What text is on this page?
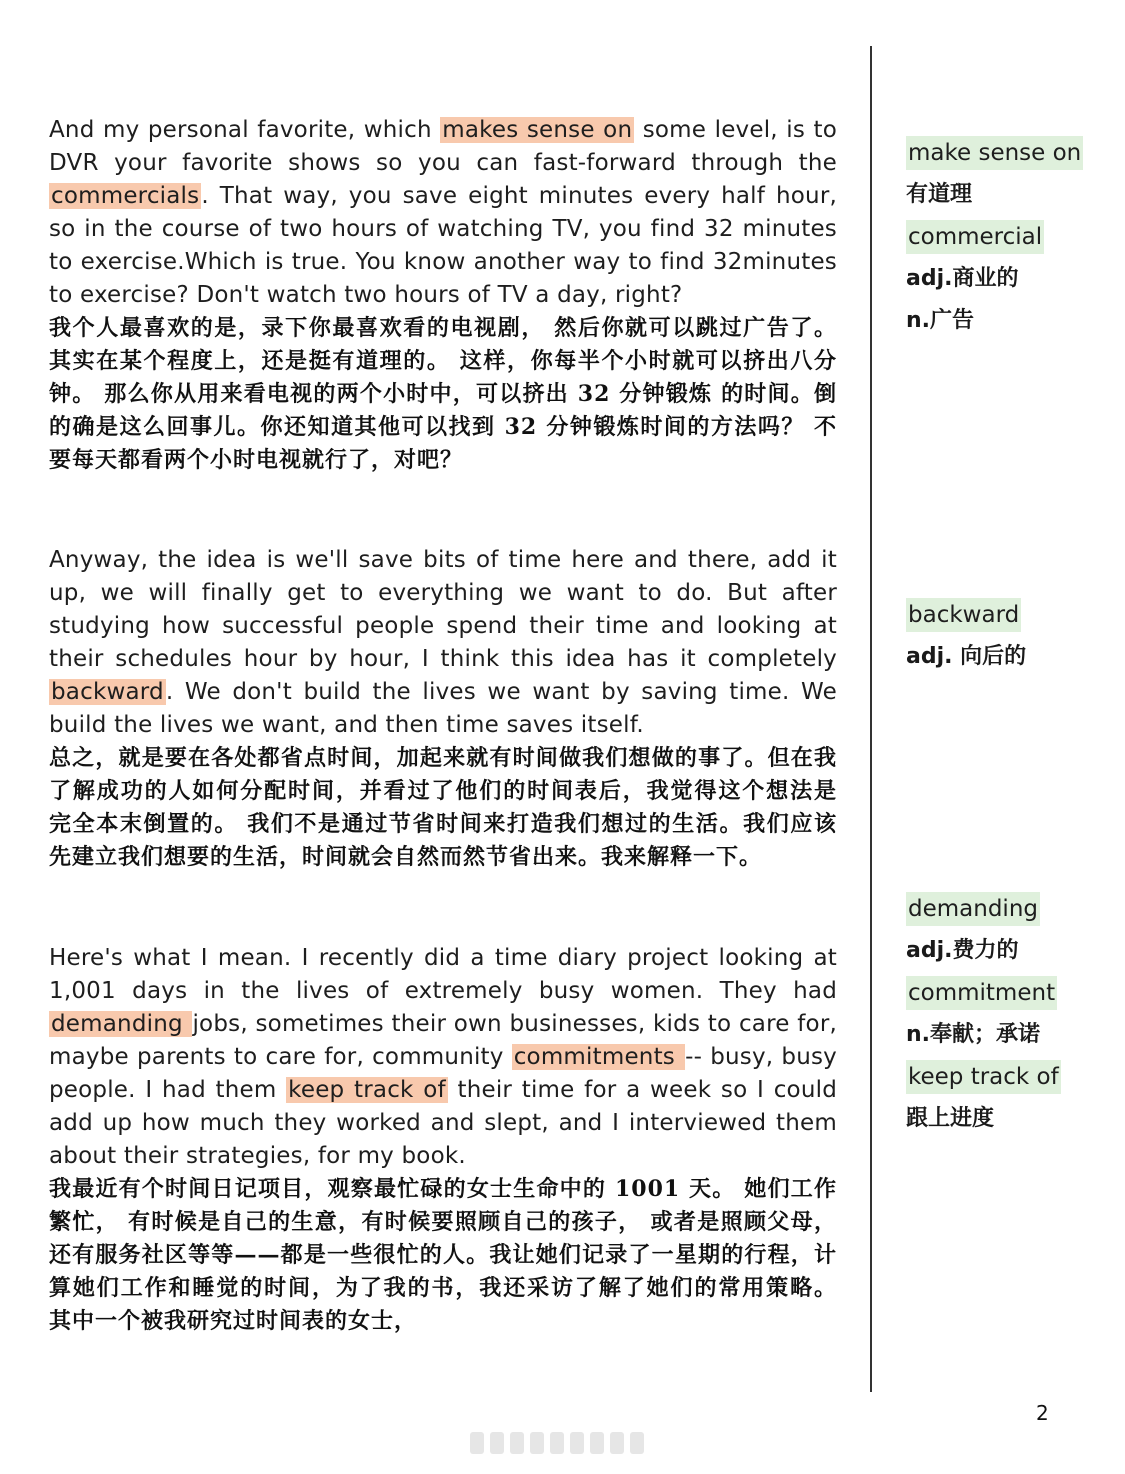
And my personal favorite, which makes sense on some level, is to DVR your favorite shows so you can fast-forward through the commercials. That way, you save eight minutes every half hour, so in the course of two hours of watching TV, you find 32 minutes to exercise.Which is true. You know another way to find 32minutes to exercise? Don't watch two hours of TV a day, right?

我个人最喜欢的是，录下你最喜欢看的电视剧， 然后你就可以跳过广告了。 其实在某个程度上，还是挺有道理的。 这样，你每半个小时就可以挤出八分钟。 那么你从用来看电视的两个小时中，可以挤出 32 分钟锻炼 的时间。倒的确是这么回事儿。你还知道其他可以找到 32 分钟锻炼时间的方法吗？ 不要每天都看两个小时电视就行了，对吧？

Anyway, the idea is we'll save bits of time here and there, add it up, we will finally get to everything we want to do. But after studying how successful people spend their time and looking at their schedules hour by hour, I think this idea has it completely backward. We don't build the lives we want by saving time. We build the lives we want, and then time saves itself.

总之，就是要在各处都省点时间，加起来就有时间做我们想做的事了。但在我了解成功的人如何分配时间，并看过了他们的时间表后，我觉得这个想法是 完全本末倒置的。 我们不是通过节省时间来打造我们想过的生活。我们应该先建立我们想要的生活，时间就会自然而然节省出来。我来解释一下。

Here's what I mean. I recently did a time diary project looking at 1,001 days in the lives of extremely busy women. They had demanding jobs, sometimes their own businesses, kids to care for, maybe parents to care for, community commitments -- busy, busy people. I had them keep track of their time for a week so I could add up how much they worked and slept, and I interviewed them about their strategies, for my book.

我最近有个时间日记项目，观察最忙碌的女士生命中的 1001 天。 她们工作繁忙， 有时候是自己的生意，有时候要照顾自己的孩子， 或者是照顾父母，还有服务社区等等——都是一些很忙的人。我让她们记录了一星期的行程，计算她们工作和睡觉的时间，为了我的书，我还采访了解了她们的常用策略。 其中一个被我研究过时间表的女士，

make sense on
有道理
commercial
adj.商业的
n.广告
backward
adj. 向后的
demanding
adj.费力的
commitment
n.奉献；承诺
keep track of
跟上进度
2
